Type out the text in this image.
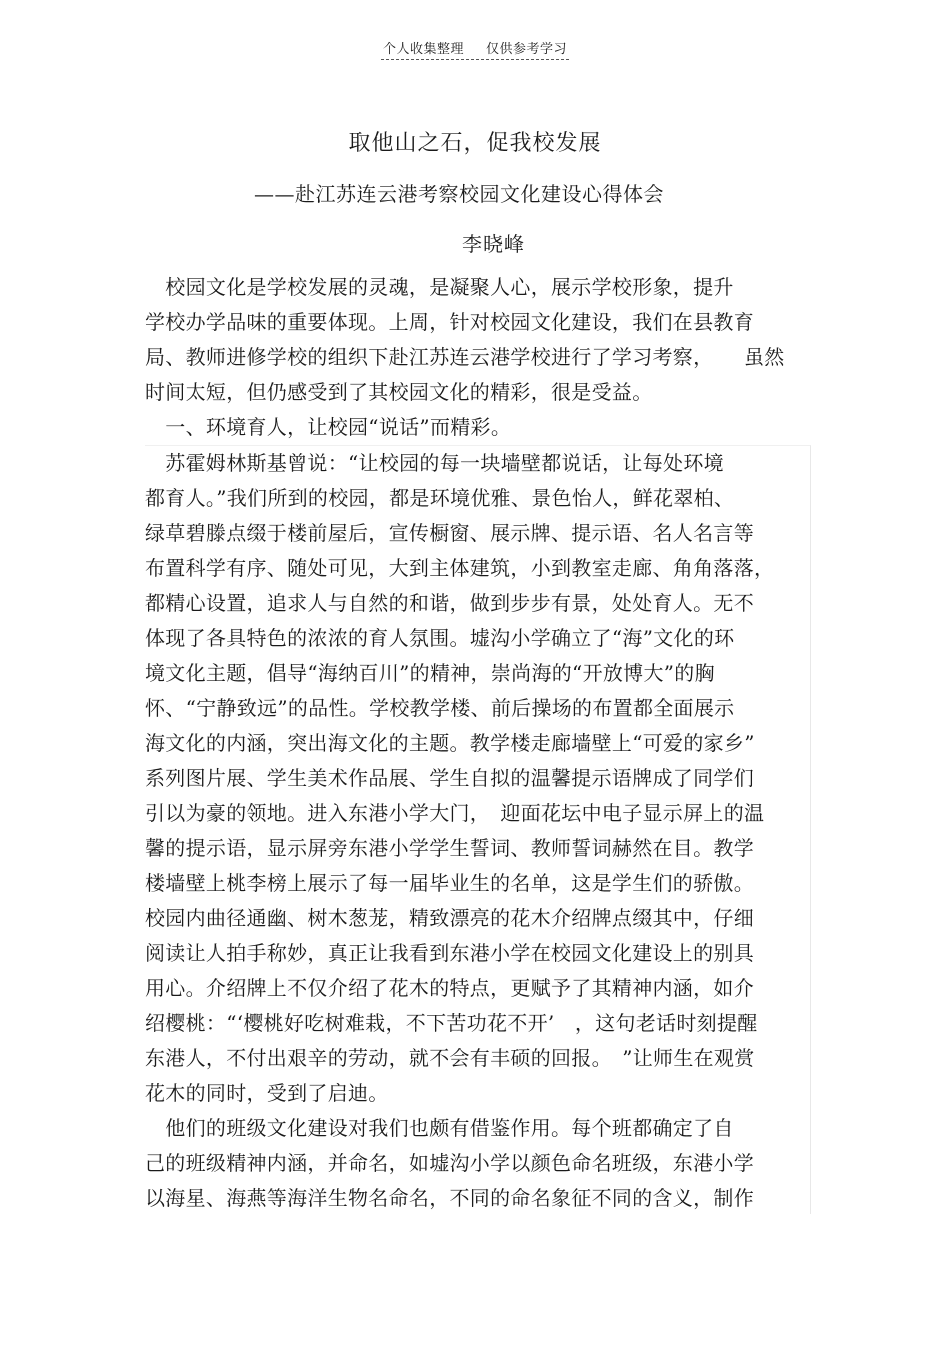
个人收集整理 仅供参考学习
取他山之石，促我校发展
——赴江苏连云港考察校园文化建设心得体会
李晓峰
　校园文化是学校发展的灵魂，是凝聚人心，展示学校形象，提升
学校办学品味的重要体现。上周，针对校园文化建设，我们在县教育
局、教师进修学校的组织下赴江苏连云港学校进行了学习考察，　　虽然
时间太短，但仍感受到了其校园文化的精彩，很是受益。
　一、环境育人，让校园“说话”而精彩。
　苏霍姆林斯基曾说：“让校园的每一块墙壁都说话，让每处环境
都育人。”我们所到的校园，都是环境优雅、景色怡人，鲜花翠柏、
绿草碧滕点缀于楼前屋后，宣传橱窗、展示牌、提示语、名人名言等
布置科学有序、随处可见，大到主体建筑，小到教室走廊、角角落落，
都精心设置，追求人与自然的和谐，做到步步有景，处处育人。无不
体现了各具特色的浓浓的育人氛围。墟沟小学确立了“海”文化的环
境文化主题，倡导“海纳百川”的精神，崇尚海的“开放博大”的胸
怀、“宁静致远”的品性。学校教学楼、前后操场的布置都全面展示
海文化的内涵，突出海文化的主题。教学楼走廊墙壁上“可爱的家乡”
系列图片展、学生美术作品展、学生自拟的温馨提示语牌成了同学们
引以为豪的领地。进入东港小学大门，　迎面花坛中电子显示屏上的温
馨的提示语，显示屏旁东港小学学生誓词、教师誓词赫然在目。教学
楼墙壁上桃李榜上展示了每一届毕业生的名单，这是学生们的骄傲。
校园内曲径通幽、树木葱茏，精致漂亮的花木介绍牌点缀其中，仔细
阅读让人拍手称妙，真正让我看到东港小学在校园文化建设上的别具
用心。介绍牌上不仅介绍了花木的特点，更赋予了其精神内涵，如介
绍樱桃：“‘樱桃好吃树难栽，不下苦功花不开’　，这句老话时刻提醒
东港人，不付出艰辛的劳动，就不会有丰硕的回报。　”让师生在观赏
花木的同时，受到了启迪。
　他们的班级文化建设对我们也颇有借鉴作用。每个班都确定了自
己的班级精神内涵，并命名，如墟沟小学以颜色命名班级，东港小学
以海星、海燕等海洋生物名命名，不同的命名象征不同的含义，制作
